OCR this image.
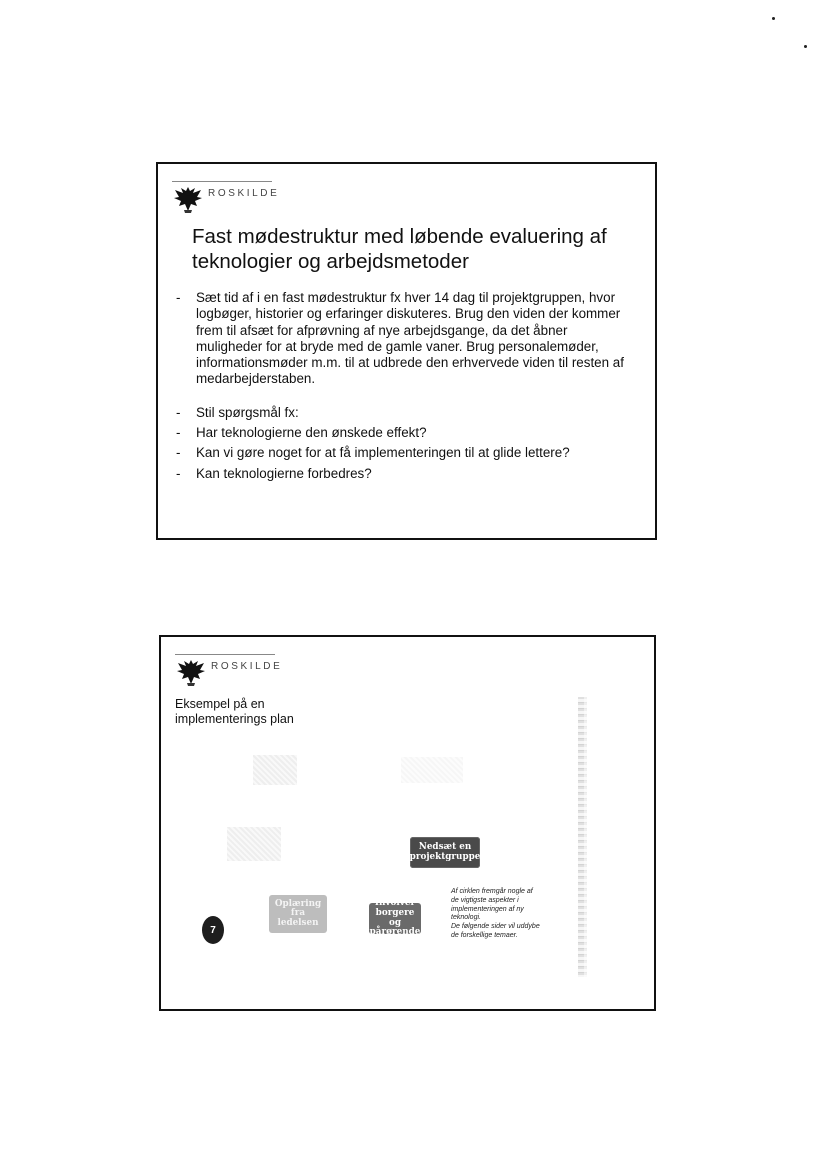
ROSKILDE
Fast mødestruktur med løbende evaluering af
teknologier og arbejdsmetoder
- Sæt tid af i en fast mødestruktur fx hver 14 dag til projektgruppen, hvor
logbøger, historier og erfaringer diskuteres. Brug den viden der kommer
frem til afsæt for afprøvning af nye arbejdsgange, da det åbner
muligheder for at bryde med de gamle vaner. Brug personalemøder,
informationsmøder m.m. til at udbrede den erhvervede viden til resten af
medarbejderstaben.
- Stil spørgsmål fx:
- Har teknologierne den ønskede effekt?
- Kan vi gøre noget for at få implementeringen til at glide lettere?
- Kan teknologierne forbedres?
ROSKILDE
Eksempel på en
implementerings plan
Nedsæt en
projektgruppe
Oplæring
fra
ledelsen
Involver
borgere og
pårørende
7
Af cirklen fremgår nogle af
de vigtigste aspekter i
implementeringen af ny
teknologi.
De følgende sider vil uddybe
de forskellige temaer.
